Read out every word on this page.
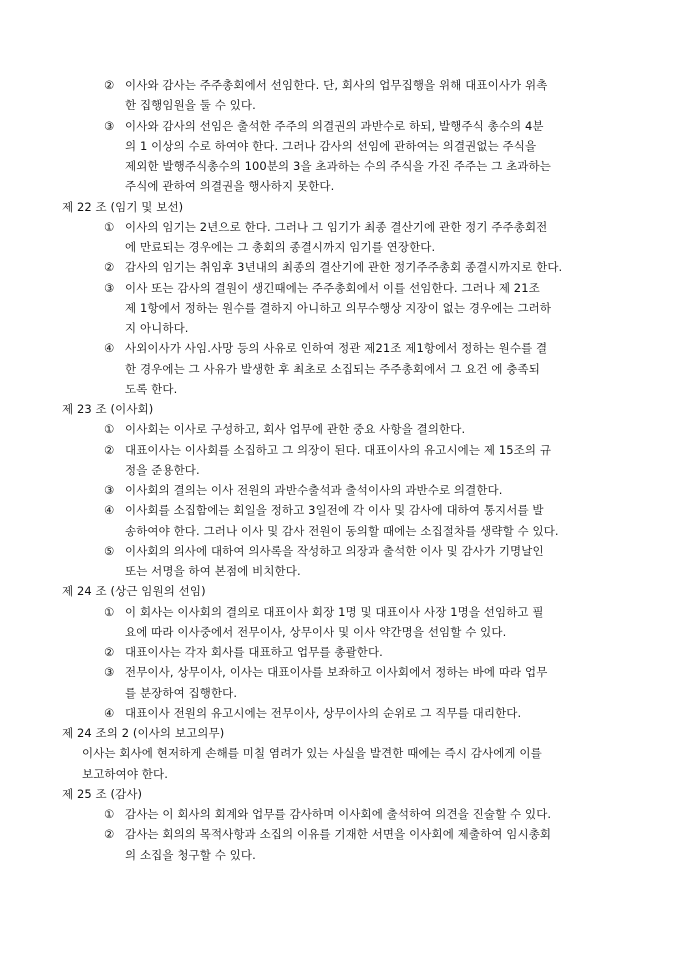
② 이사와 감사는 주주총회에서 선임한다. 단, 회사의 업무집행을 위해 대표이사가 위촉
한 집행임원을 둘 수 있다.
③ 이사와 감사의 선임은 출석한 주주의 의결권의 과반수로 하되, 발행주식 총수의 4분
의 1 이상의 수로 하여야 한다. 그러나 감사의 선임에 관하여는 의결권없는 주식을
제외한 발행주식총수의 100분의 3을 초과하는 수의 주식을 가진 주주는 그 초과하는
주식에 관하여 의결권을 행사하지 못한다.
제 22 조 (임기 및 보선)
① 이사의 임기는 2년으로 한다. 그러나 그 임기가 최종 결산기에 관한 정기 주주총회전
에 만료되는 경우에는 그 총회의 종결시까지 임기를 연장한다.
② 감사의 임기는 취임후 3년내의 최종의 결산기에 관한 정기주주총회 종결시까지로 한다.
③ 이사 또는 감사의 결원이 생긴때에는 주주총회에서 이를 선임한다. 그러나 제 21조
제 1항에서 정하는 원수를 결하지 아니하고 의무수행상 지장이 없는 경우에는 그러하
지 아니하다.
④ 사외이사가 사임.사망 등의 사유로 인하여 정관 제21조 제1항에서 정하는 원수를 결
한 경우에는 그 사유가 발생한 후 최초로 소집되는 주주총회에서 그 요건 에 충족되
도록 한다.
제 23 조 (이사회)
① 이사회는 이사로 구성하고, 회사 업무에 관한 중요 사항을 결의한다.
② 대표이사는 이사회를 소집하고 그 의장이 된다. 대표이사의 유고시에는 제 15조의 규
정을 준용한다.
③ 이사회의 결의는 이사 전원의 과반수출석과 출석이사의 과반수로 의결한다.
④ 이사회를 소집함에는 회일을 정하고 3일전에 각 이사 및 감사에 대하여 통지서를 발
송하여야 한다. 그러나 이사 및 감사 전원이 동의할 때에는 소집절차를 생략할 수 있다.
⑤ 이사회의 의사에 대하여 의사록을 작성하고 의장과 출석한 이사 및 감사가 기명날인
또는 서명을 하여 본점에 비치한다.
제 24 조 (상근 임원의 선임)
① 이 회사는 이사회의 결의로 대표이사 회장 1명 및 대표이사 사장 1명을 선임하고 필
요에 따라 이사중에서 전무이사, 상무이사 및 이사 약간명을 선임할 수 있다.
② 대표이사는 각자 회사를 대표하고 업무를 총괄한다.
③ 전무이사, 상무이사, 이사는 대표이사를 보좌하고 이사회에서 정하는 바에 따라 업무
를 분장하여 집행한다.
④ 대표이사 전원의 유고시에는 전무이사, 상무이사의 순위로 그 직무를 대리한다.
제 24 조의 2 (이사의 보고의무)
이사는 회사에 현저하게 손해를 미칠 염려가 있는 사실을 발견한 때에는 즉시 감사에게 이를
보고하여야 한다.
제 25 조 (감사)
① 감사는 이 회사의 회계와 업무를 감사하며 이사회에 출석하여 의견을 진술할 수 있다.
② 감사는 회의의 목적사항과 소집의 이유를 기재한 서면을 이사회에 제출하여 임시총회
의 소집을 청구할 수 있다.
